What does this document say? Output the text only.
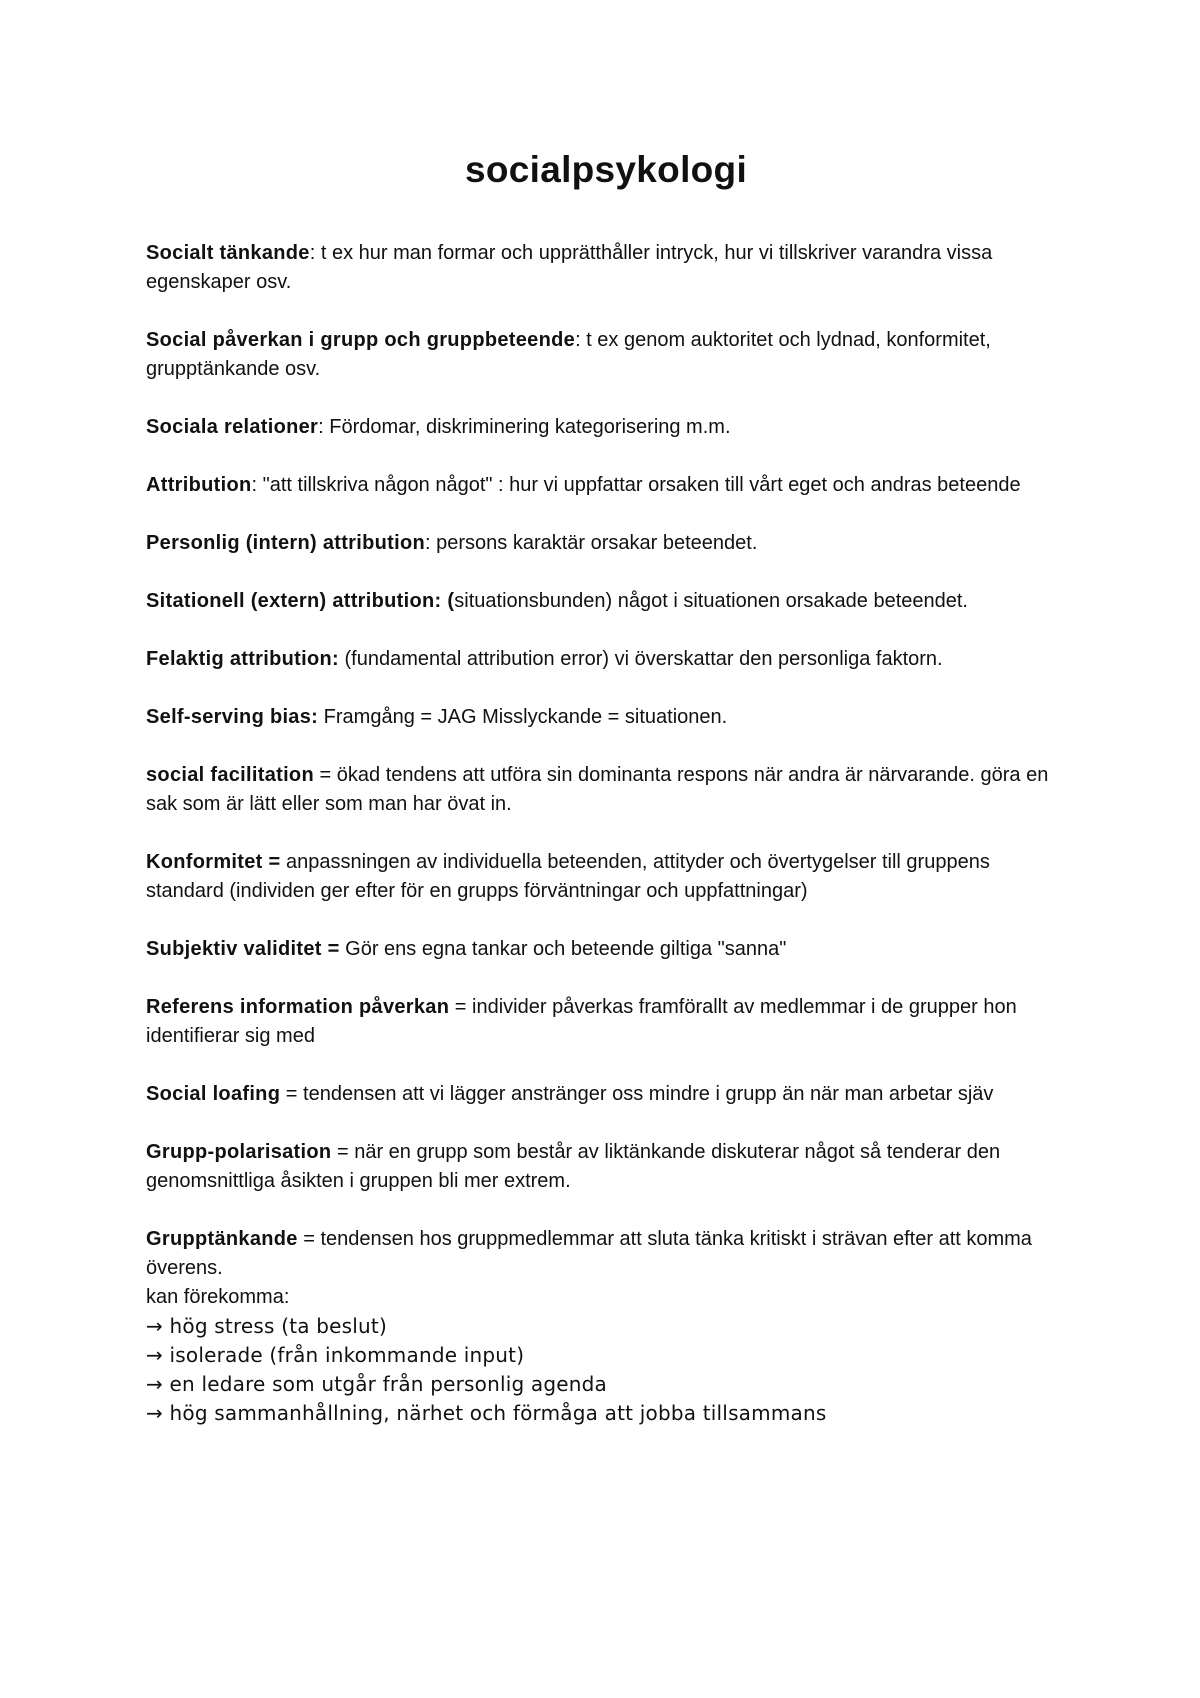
socialpsykologi

Socialt tänkande: t ex hur man formar och upprätthåller intryck, hur vi tillskriver varandra vissa egenskaper osv.

Social påverkan i grupp och gruppbeteende: t ex genom auktoritet och lydnad, konformitet, grupptänkande osv.

Sociala relationer: Fördomar, diskriminering kategorisering m.m.

Attribution: "att tillskriva någon något" : hur vi uppfattar orsaken till vårt eget och andras beteende

Personlig (intern) attribution: persons karaktär orsakar beteendet.

Sitationell (extern) attribution: (situationsbunden) något i situationen orsakade beteendet.

Felaktig attribution: (fundamental attribution error) vi överskattar den personliga faktorn.

Self-serving bias: Framgång = JAG Misslyckande = situationen.

social facilitation = ökad tendens att utföra sin dominanta respons när andra är närvarande. göra en sak som är lätt eller som man har övat in.

Konformitet = anpassningen av individuella beteenden, attityder och övertygelser till gruppens standard (individen ger efter för en grupps förväntningar och uppfattningar)

Subjektiv validitet = Gör ens egna tankar och beteende giltiga "sanna"

Referens information påverkan = individer påverkas framförallt av medlemmar i de grupper hon identifierar sig med

Social loafing = tendensen att vi lägger anstränger oss mindre i grupp än när man arbetar sjäv

Grupp-polarisation = när en grupp som består av liktänkande diskuterar något så tenderar den genomsnittliga åsikten i gruppen bli mer extrem.

Grupptänkande = tendensen hos gruppmedlemmar att sluta tänka kritiskt i strävan efter att komma överens.
kan förekomma:
→ hög stress (ta beslut)
→ isolerade (från inkommande input)
→ en ledare som utgår från personlig agenda
→ hög sammanhållning, närhet och förmåga att jobba tillsammans
